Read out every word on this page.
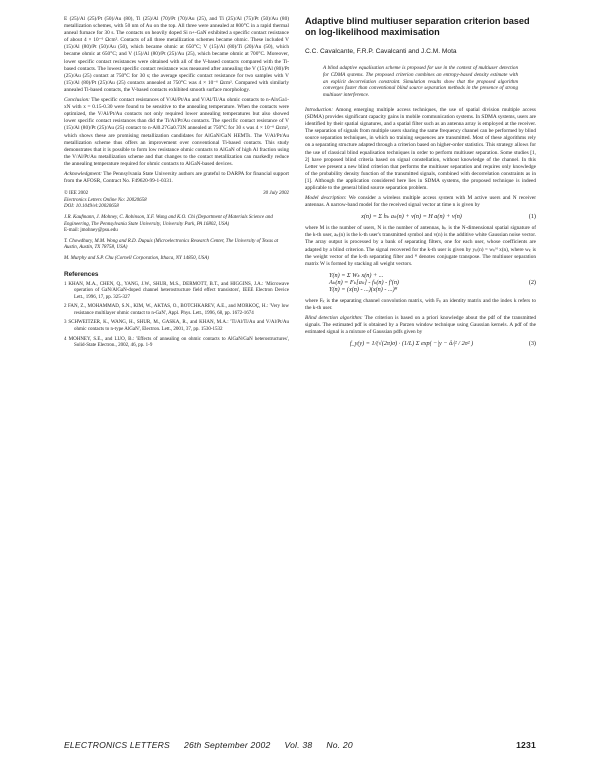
E (25)/Al (25)/Pt (50)/Au (80), Ti (25)/Al (70)/Pt (70)/Au (25), and Ti (25)/Al (75)/Pt (50)/Au (80) metallization schemes, with 50 nm of Au on the top. All three were annealed at 800°C in a rapid thermal anneal furnace for 30 s. The contacts on heavily doped Si n+-GaN exhibited a specific contact resistance of about 4 × 10⁻⁶ Ωcm². Contacts of all three metallization schemes became ohmic. These included V (15)/Al (80)/Pt (50)/Au (50), which became ohmic at 650°C; V (15)/Al (80)/Ti (20)/Au (50), which became ohmic at 650°C; and V (15)/Al (80)/Pt (25)/Au (25), which became ohmic at 700°C. Moreover, lower specific contact resistances were obtained with all of the V-based contacts compared with the Ti-based contacts. The lowest specific contact resistance was measured after annealing the V (15)/Al (80)/Pt (25)/Au (25) contact at 750°C for 30 s; the average specific contact resistance for two samples with V (15)/Al (80)/Pt (25)/Au (25) contacts annealed at 750°C was 4 × 10⁻⁶ Ωcm². Compared with similarly annealed Ti-based contacts, the V-based contacts exhibited smooth surface morphology.

Conclusion: The specific contact resistances of V/Al/Pt/Au and V/Al/Ti/Au ohmic contacts to n-AlxGa1-xN with x = 0.15-0.30 were found to be sensitive to the annealing temperature. When the contacts were optimized, the V/Al/Pt/Au contacts not only required lower annealing temperatures but also showed lower specific contact resistances than did the Ti/Al/Pt/Au contacts. The specific contact resistance of V (15)/Al (80)/Pt (25)/Au (25) contact to n-Al0.27Ga0.73N annealed at 750°C for 30 s was 4 × 10⁻⁶ Ωcm², which shows these are promising metallization candidates for AlGaN/GaN HEMTs. The V/Al/Pt/Au metallization scheme thus offers an improvement over conventional Ti-based contacts. This study demonstrates that it is possible to form low resistance ohmic contacts to AlGaN of high Al fraction using the V/Al/Pt/Au metallization scheme and that changes to the contact metallization can markedly reduce the annealing temperature required for ohmic contacts to AlGaN-based devices.

Acknowledgment: The Pennsylvania State University authors are grateful to DARPA for financial support from the AFOSR, Contract No. F49620-99-1-0331.

© IEE 2002	30 July 2002

Electronics Letters Online No: 20020658

DOI: 10.1049/el:20020658

J.R. Kaufmann, J. Mohney, C. Robinson, X.F. Wang and K.O. Chi (Department of Materials Science and Engineering, The Pennsylvania State University, University Park, PA 16802, USA)

E-mail: jmohney@psu.edu

T. Chowdhury, M.M. Wong and R.D. Dupuis (Microelectronics Research Center, The University of Texas at Austin, Austin, TX 78758, USA)

M. Murphy and S.P. Chu (Cornell Corporation, Ithaca, NY 14850, USA)

References

1 KHAN, M.A., CHEN, Q., YANG, J.W., SHUR, M.S., DERMOTT, B.T., and HIGGINS, J.A.: 'Microwave operation of GaN/AlGaN-doped channel heterostructure field effect transistors', IEEE Electron Device Lett., 1996, 17, pp. 325-327

2 FAN, Z., MOHAMMAD, S.N., KIM, W., AKTAS, O., BOTCHKAREV, A.E., and MORKOÇ, H.: 'Very low resistance multilayer ohmic contact to n-GaN', Appl. Phys. Lett., 1996, 68, pp. 1672-1674

3 SCHWEITZER, K., WANG, H., SHUR, M., GASKA, R., and KHAN, M.A.: 'Ti/Al/Ti/Au and V/Al/Pt/Au ohmic contacts to n-type AlGaN', Electron. Lett., 2001, 37, pp. 1530-1532

4 MOHNEY, S.E., and LUO, B.: 'Effects of annealing on ohmic contacts to AlGaN/GaN heterostructures', Solid-State Electron., 2002, 46, pp. 1-9

Adaptive blind multiuser separation criterion based on log-likelihood maximisation
C.C. Cavalcante, F.R.P. Cavalcanti and J.C.M. Mota

A blind adaptive equalisation scheme is proposed for use in the context of multiuser detection for CDMA systems. The proposed criterion combines an entropy-based density estimate with an explicit decorrelation constraint. Simulation results show that the proposed algorithm converges faster than conventional blind source separation methods in the presence of strong multiuser interference.

Introduction: Among emerging multiple access techniques, the use of spatial division multiple access (SDMA) provides significant capacity gains in mobile communication systems. In SDMA systems, users are identified by their spatial signatures, and a spatial filter such as an antenna array is employed at the receiver. The separation of signals from multiple users sharing the same frequency channel can be performed by blind source separation techniques, in which no training sequences are transmitted. Most of these algorithms rely on a separating structure adapted through a criterion based on higher-order statistics. This strategy allows for the use of classical blind equalisation techniques in order to perform multiuser separation. Some studies [1, 2] have proposed blind criteria based on signal constellation, without knowledge of the channel. In this Letter we present a new blind criterion that performs the multiuser separation and requires only knowledge of the probability density function of the transmitted signals, combined with decorrelation constraints as in [1]. Although the application considered here lies in SDMA systems, the proposed technique is indeed applicable to the general blind source separation problem.

Model description: We consider a wireless multiple access system with M active users and N receiver antennas. A narrow-band model for the received signal vector at time n is given by

x(n) = Σ hₖ aₖ(n) + v(n) = H a(n) + v(n)	(1)

where M is the number of users, N is the number of antennas, hₖ is the N-dimensional spatial signature of the k-th user, aₖ(n) is the k-th user's transmitted symbol and v(n) is the additive white Gaussian noise vector. The array output is processed by a bank of separating filters, one for each user, whose coefficients are adapted by a blind criterion. The signal recovered for the k-th user is given by yₖ(n) = wₖᴴ x(n), where wₖ is the weight vector of the k-th separating filter and ᴴ denotes conjugate transpose. The multiuser separation matrix W is formed by stacking all weight vectors.

Y(n) = Σ Wₖ x(n) + ...
Aₖ(n) = Fₖ[aₖ] - fₖ(n) - f'(n)
Y(n) = (x(n) - ...)(x(n) - ...)ᴴ
(2)

where Fₖ is the separating channel convolution matrix, with Fₖ an identity matrix and the index k refers to the k-th user.

Blind detection algorithm: The criterion is based on a priori knowledge about the pdf of the transmitted signals. The estimated pdf is obtained by a Parzen window technique using Gaussian kernels. A pdf of the estimated signal is a mixture of Gaussian pdfs given by

f_y(y) = 1/(√(2π)σ) · (1/L) Σ exp( −|y − âₗ|² / 2σ² )	(3)
ELECTRONICS LETTERS 26th September 2002 Vol. 38 No. 20	1231
